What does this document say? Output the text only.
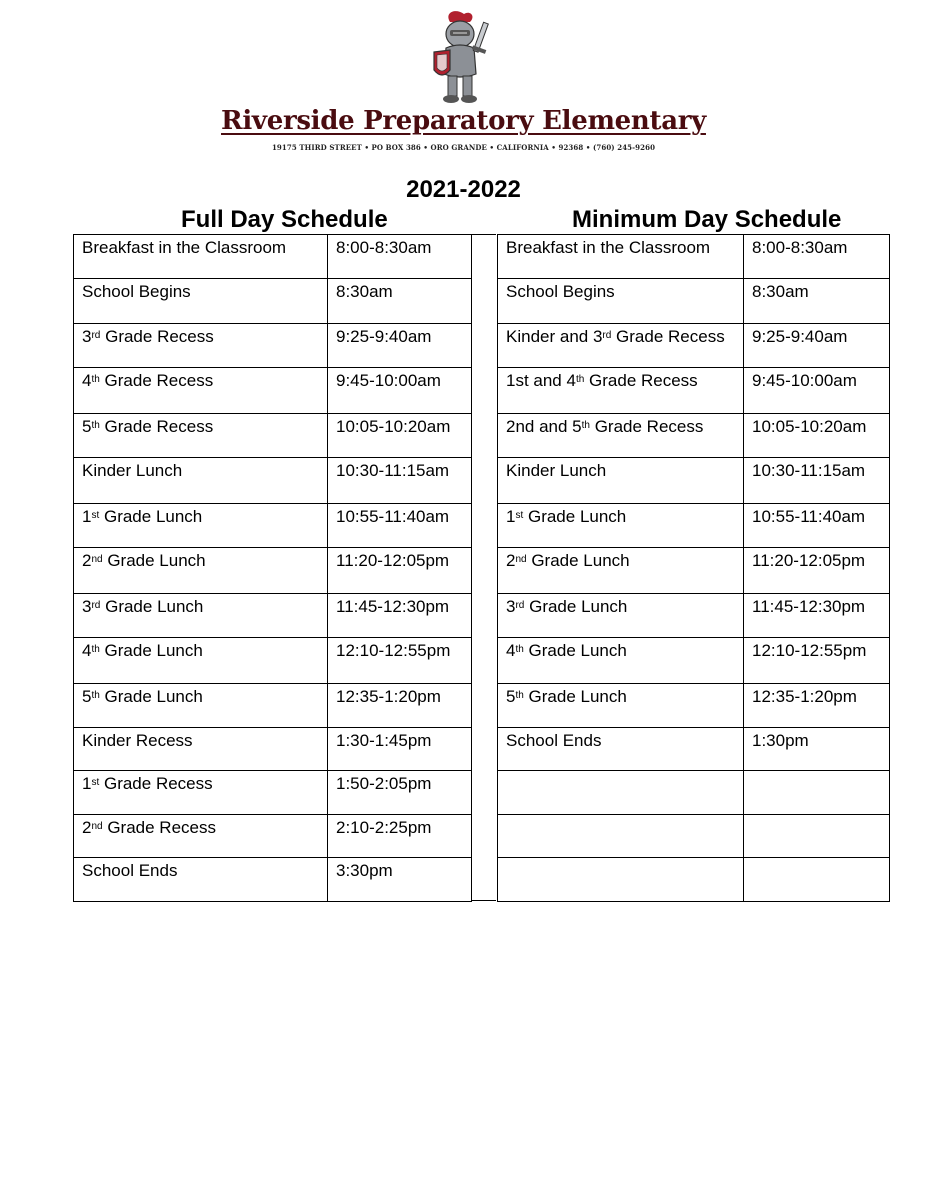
Riverside Preparatory Elementary
19175 THIRD STREET • PO BOX 386 • ORO GRANDE • CALIFORNIA • 92368 • (760) 245-9260
2021-2022
Full Day Schedule	Minimum Day Schedule
Breakfast in the Classroom	8:00-8:30am
School Begins	8:30am
3rd Grade Recess	9:25-9:40am
4th Grade Recess	9:45-10:00am
5th Grade Recess	10:05-10:20am
Kinder Lunch	10:30-11:15am
1st Grade Lunch	10:55-11:40am
2nd Grade Lunch	11:20-12:05pm
3rd Grade Lunch	11:45-12:30pm
4th Grade Lunch	12:10-12:55pm
5th Grade Lunch	12:35-1:20pm
Kinder Recess	1:30-1:45pm
1st Grade Recess	1:50-2:05pm
2nd Grade Recess	2:10-2:25pm
School Ends	3:30pm
Breakfast in the Classroom	8:00-8:30am
School Begins	8:30am
Kinder and 3rd Grade Recess	9:25-9:40am
1st and 4th Grade Recess	9:45-10:00am
2nd and 5th Grade Recess	10:05-10:20am
Kinder Lunch	10:30-11:15am
1st Grade Lunch	10:55-11:40am
2nd Grade Lunch	11:20-12:05pm
3rd Grade Lunch	11:45-12:30pm
4th Grade Lunch	12:10-12:55pm
5th Grade Lunch	12:35-1:20pm
School Ends	1:30pm
